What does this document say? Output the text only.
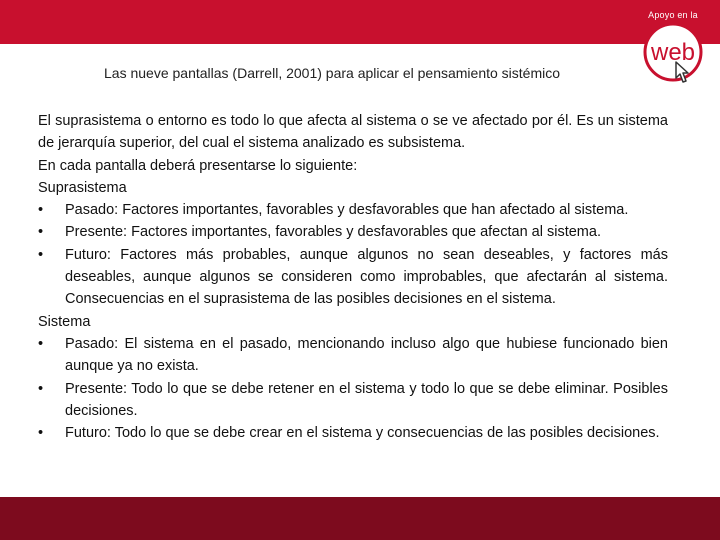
Apoyo en la
web
Las nueve pantallas (Darrell, 2001) para aplicar el pensamiento sistémico

El suprasistema o entorno es todo lo que afecta al sistema o se ve afectado por él. Es un sistema de jerarquía superior, del cual el sistema analizado es subsistema.

En cada pantalla deberá presentarse lo siguiente:

Suprasistema

•	Pasado: Factores importantes, favorables y desfavorables que han afectado al sistema.
•	Presente: Factores importantes, favorables y desfavorables que afectan al sistema.
•	Futuro: Factores más probables, aunque algunos no sean deseables, y factores más deseables, aunque algunos se consideren como improbables, que afectarán al sistema. Consecuencias en el suprasistema de las posibles decisiones en el sistema.

Sistema

•	Pasado: El sistema en el pasado, mencionando incluso algo que hubiese funcionado bien aunque ya no exista.
•	Presente: Todo lo que se debe retener en el sistema y todo lo que se debe eliminar. Posibles decisiones.
•	Futuro: Todo lo que se debe crear en el sistema y consecuencias de las posibles decisiones.
